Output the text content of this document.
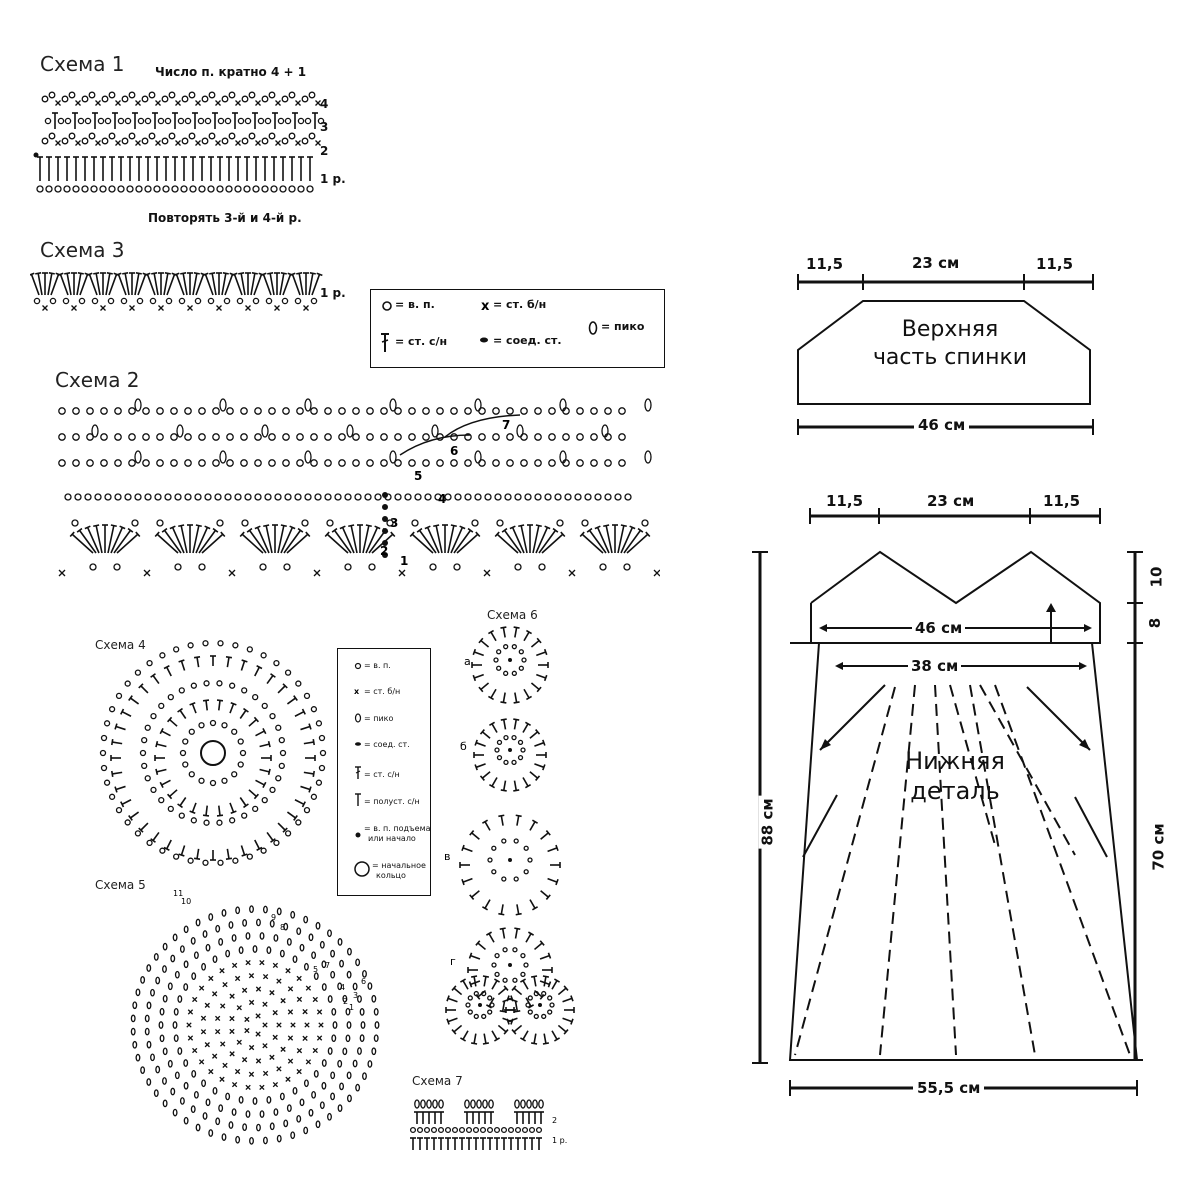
Схема 1	Число п. кратно 4 + 1
4
3
2
1 р.
Повторять 3-й и 4-й р.
Схема 3
1 р.
x
= в. п.	= ст. б/н
= пико
= ст. с/н	= соед. ст.
Схема 2
4
5
6
7
3
2
1
Схема 4
Схема 5
11
8
7
5
4
2
3
1
6
9
10
x
= в. п.
= ст. б/н
= пико
= соед. ст.
= ст. с/н
= полуст. с/н
= в. п. подъема
или начало
= начальное
кольцо
Схема 6
а
б
в
г
Схема 7
2
1 р.
11,5	23 см	11,5
Верхняя
часть спинки
46 см
11,5	23 см	11,5
46 см
38 см
Нижняя
деталь
55,5 см
88 см
10
8
70 см
